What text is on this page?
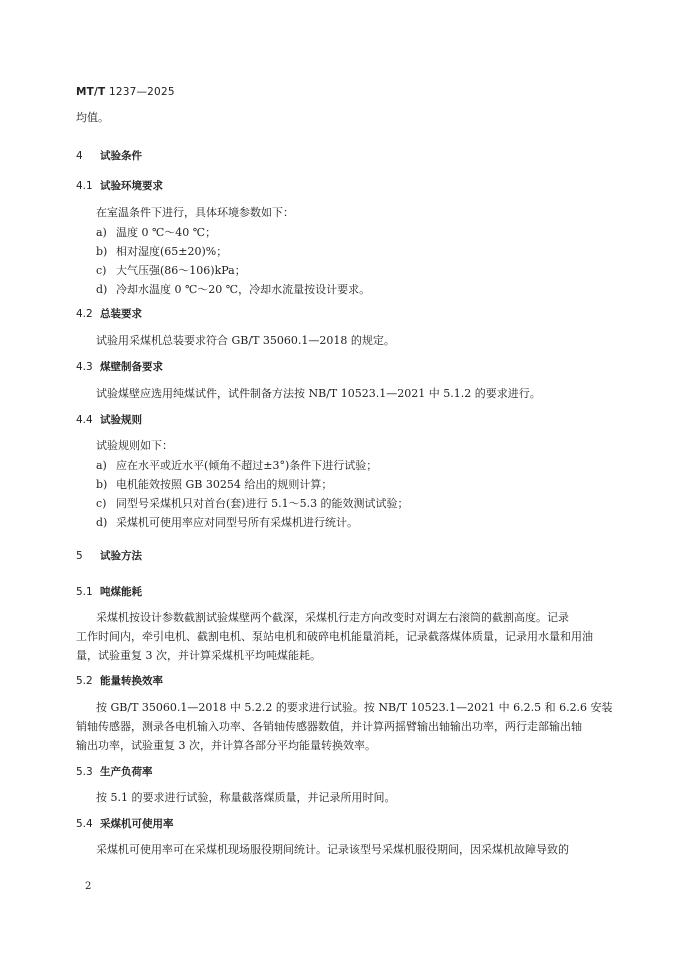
MT/T 1237—2025
均值。
4 试验条件
4.1 试验环境要求
在室温条件下进行，具体环境参数如下：
a) 温度 0 ℃～40 ℃；
b) 相对湿度(65±20)%；
c) 大气压强(86～106)kPa；
d) 冷却水温度 0 ℃～20 ℃，冷却水流量按设计要求。
4.2 总装要求
试验用采煤机总装要求符合 GB/T 35060.1—2018 的规定。
4.3 煤壁制备要求
试验煤壁应选用纯煤试件，试件制备方法按 NB/T 10523.1—2021 中 5.1.2 的要求进行。
4.4 试验规则
试验规则如下：
a) 应在水平或近水平(倾角不超过±3°)条件下进行试验；
b) 电机能效按照 GB 30254 给出的规则计算；
c) 同型号采煤机只对首台(套)进行 5.1～5.3 的能效测试试验；
d) 采煤机可使用率应对同型号所有采煤机进行统计。
5 试验方法
5.1 吨煤能耗
采煤机按设计参数截割试验煤壁两个截深，采煤机行走方向改变时对调左右滚筒的截割高度。记录
工作时间内，牵引电机、截割电机、泵站电机和破碎电机能量消耗，记录截落煤体质量，记录用水量和用油
量，试验重复 3 次，并计算采煤机平均吨煤能耗。
5.2 能量转换效率
按 GB/T 35060.1—2018 中 5.2.2 的要求进行试验。按 NB/T 10523.1—2021 中 6.2.5 和 6.2.6 安装
销轴传感器，测录各电机输入功率、各销轴传感器数值，并计算两摇臂输出轴输出功率，两行走部输出轴
输出功率，试验重复 3 次，并计算各部分平均能量转换效率。
5.3 生产负荷率
按 5.1 的要求进行试验，称量截落煤质量，并记录所用时间。
5.4 采煤机可使用率
采煤机可使用率可在采煤机现场服役期间统计。记录该型号采煤机服役期间，因采煤机故障导致的
2
